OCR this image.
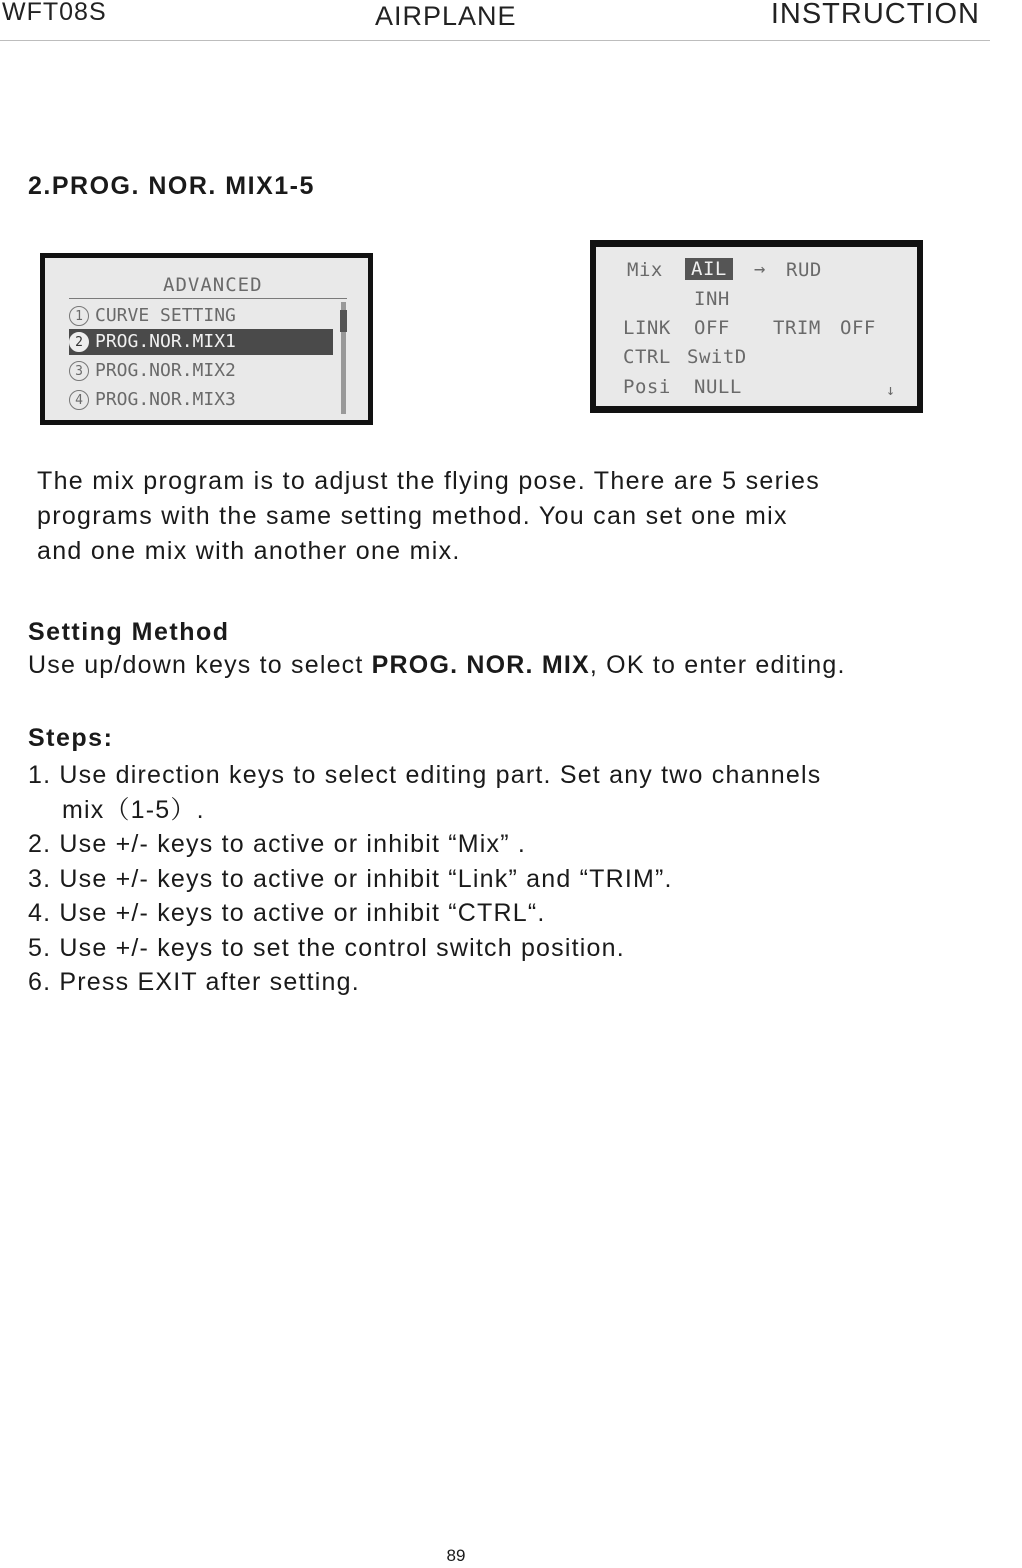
WFT08S	AIRPLANE	INSTRUCTION
2.PROG. NOR. MIX1-5
ADVANCED
1 CURVE SETTING
2 PROG.NOR.MIX1
3 PROG.NOR.MIX2
4 PROG.NOR.MIX3
Mix	AIL	→ RUD
INH
LINK OFF TRIM OFF
CTRL SwitD
Posi NULL	↓
The mix program is to adjust the flying pose. There are 5 series
programs with the same setting method. You can set one mix
and one mix with another one mix.
Setting Method
Use up/down keys to select PROG. NOR. MIX, OK to enter editing.
Steps:
1. Use direction keys to select editing part. Set any two channels
mix（1-5）.
2. Use +/- keys to active or inhibit “Mix” .
3. Use +/- keys to active or inhibit “Link” and “TRIM”.
4. Use +/- keys to active or inhibit “CTRL“.
5. Use +/- keys to set the control switch position.
6. Press EXIT after setting.
89
